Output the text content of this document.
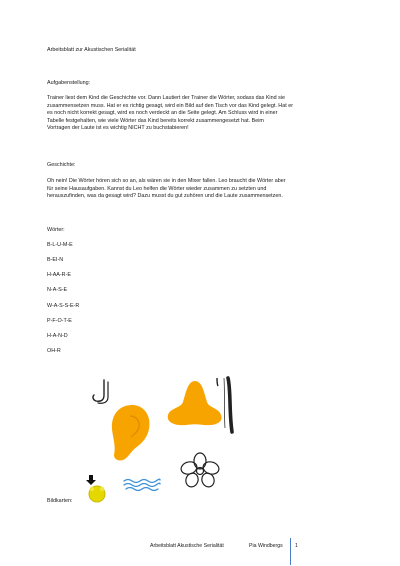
Arbeitsblatt zur Akustischen Serialität
Aufgabenstellung:
Trainer liest dem Kind die Geschichte vor. Dann Lautiert der Trainer die Wörter, sodass das Kind sie
zusammensetzen muss. Hat er es richtig gesagt, wird ein Bild auf den Tisch vor das Kind gelegt. Hat er
es noch nicht korrekt gesagt, wird es noch verdeckt an die Seite gelegt. Am Schluss wird in einer
Tabelle festgehalten, wie viele Wörter das Kind bereits korrekt zusammengesetzt hat. Beim
Vortragen der Laute ist es wichtig NICHT zu buchstabieren!
Geschichte:
Oh nein! Die Wörter hören sich so an, als wären sie in den Mixer fallen. Leo braucht die Wörter aber
für seine Hausaufgaben. Kannst du Leo helfen die Wörter wieder zusammen zu setzten und
herauszufinden, was da gesagt wird? Dazu musst du gut zuhören und die Laute zusammensetzen.
Wörter:
B-L-U-M-E
B-EI-N
H-AA-R-E
N-A-S-E
W-A-S-S-E-R
P-F-O-T-E
H-A-N-D
OH-R
Bildkarten:
Arbeitsblatt Akustische Serialität	Pia Windbergs 1
